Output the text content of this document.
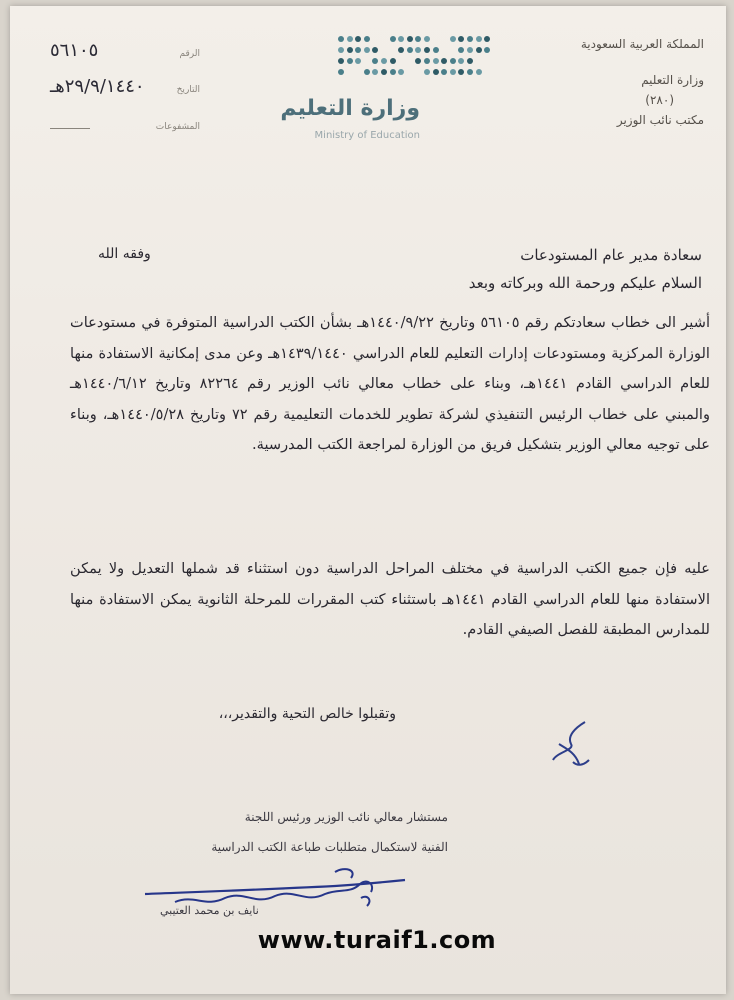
المملكة العربية السعودية
وزارة التعليم
(٢٨٠)
مكتب نائب الوزير
٥٦١٠٥	الرقم
٢٩/٩/١٤٤٠هـ	التاريخ
المشفوعات
وزارة التعليم
Ministry of Education
سعادة مدير عام المستودعات
وفقه الله
السلام عليكم ورحمة الله وبركاته وبعد
أشير الى خطاب سعادتكم رقم ٥٦١٠٥ وتاريخ ١٤٤٠/٩/٢٢هـ بشأن الكتب الدراسية المتوفرة في مستودعات الوزارة المركزية ومستودعات إدارات التعليم للعام الدراسي ١٤٣٩/١٤٤٠هـ وعن مدى إمكانية الاستفادة منها للعام الدراسي القادم ١٤٤١هـ، وبناء على خطاب معالي نائب الوزير رقم ٨٢٢٦٤ وتاريخ ١٤٤٠/٦/١٢هـ والمبني على خطاب الرئيس التنفيذي لشركة تطوير للخدمات التعليمية رقم ٧٢ وتاريخ ١٤٤٠/٥/٢٨هـ، وبناء على توجيه معالي الوزير بتشكيل فريق من الوزارة لمراجعة الكتب المدرسية.
عليه فإن جميع الكتب الدراسية في مختلف المراحل الدراسية دون استثناء قد شملها التعديل ولا يمكن الاستفادة منها للعام الدراسي القادم ١٤٤١هـ باستثناء كتب المقررات للمرحلة الثانوية يمكن الاستفادة منها للمدارس المطبقة للفصل الصيفي القادم.
وتقبلوا خالص التحية والتقدير،،،
مستشار معالي نائب الوزير ورئيس اللجنة
الفنية لاستكمال متطلبات طباعة الكتب الدراسية
نايف بن محمد العتيبي
www.turaif1.com
